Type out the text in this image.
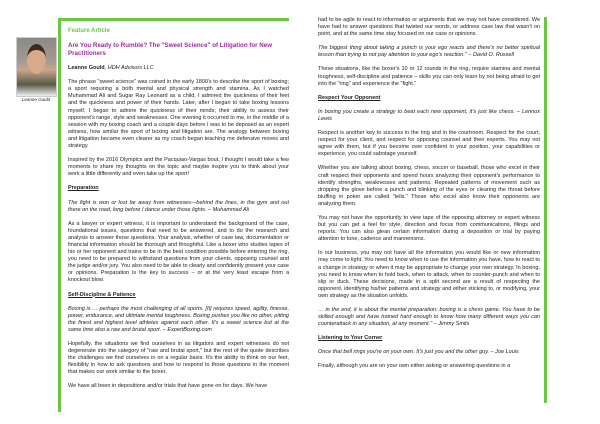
Leanne Gould
Feature Article
Are You Ready to Rumble? The "Sweet Science" of Litigation for New Practitioners

Leanne Gould, HDH Advisors LLC

The phrase "sweet science" was coined in the early 1800's to describe the sport of boxing; a sport requiring a both mental and physical strength and stamina. As I watched Muhammad Ali and Sugar Ray Leonard as a child, I admired the quickness of their feet and the quickness and power of their hands. Later, after I began to take boxing lessons myself, I began to admire the quickness of their minds; their ability to assess their opponent's range, style and weaknesses. One evening it occurred to me, in the middle of a session with my boxing coach and a couple days before I was to be deposed as an expert witness, how similar the sport of boxing and litigation are. The analogy between boxing and litigation became even clearer as my coach began teaching me defensive moves and strategy.

Inspired by the 2016 Olympics and the Pacquiao-Vargas bout, I thought I would take a few moments to share my thoughts on the topic and maybe inspire you to think about your work a little differently and even take up the sport!

Preparation

The fight is won or lost far away from witnesses—behind the lines, in the gym and out there on the road, long before I dance under those lights. – Muhammad Ali

As a lawyer or expert witness, it is important to understand the background of the case, foundational issues, questions that need to be answered, and to do the research and analysis to answer those questions. Your analysis, whether of case law, documentation or financial information should be thorough and thoughtful. Like a boxer who studies tapes of his or her opponent and trains to be in the best condition possible before entering the ring, you need to be prepared to withstand questions from your clients, opposing counsel and the judge and/or jury. You also need to be able to clearly and confidently present your case or opinions. Preparation is the key to success – or at the very least escape from a knockout blow.

Self-Discipline & Patience

Boxing is … perhaps the most challenging of all sports. [It] requires speed, agility, finesse, power, endurance, and ultimate mental toughness. Boxing pushes you like no other, pitting the finest and highest level athletes against each other. It's a sweet science but at the same time also a raw and brutal sport. – ExpertBoxing.com

Hopefully, the situations we find ourselves in as litigators and expert witnesses do not degenerate into the category of "raw and brutal sport," but the rest of the quote describes the challenges we find ourselves in on a regular basis. It's the ability to think on our feet, flexibility in how to ask questions and how to respond to those questions in the moment that makes our work similar to the boxer.

We have all been in depositions and/or trials that have gone on for days. We have

had to be agile to react to information or arguments that we may not have considered. We have had to answer questions that twisted our words, or address case law that wasn't on point, and at the same time stay focused on our case or opinions.

The biggest thing about taking a punch is your ego reacts and there's no better spiritual lesson than trying to not pay attention to your ego's reaction." – David O. Russell

These situations, like the boxer's 10 or 12 rounds in the ring, require stamina and mental toughness, self-discipline and patience – skills you can only learn by not being afraid to get into the "ring" and experience the "fight."

Respect Your Opponent

In boxing you create a strategy to beat each new opponent, it's just like chess. – Lennox Lewis

Respect is another key to success in the ring and in the courtroom. Respect for the court, respect for your client, and respect for opposing counsel and their experts. You may not agree with them, but if you become over confident in your position, your capabilities or experience, you could sabotage yourself.

Whether you are talking about boxing, chess, soccer or baseball, those who excel in their craft respect their opponents and spend hours analyzing their opponent's performance to identify strengths, weaknesses and patterns. Repeated patterns of movement such as dropping the glove before a punch and blinking of the eyes or clearing the throat before bluffing in poker are called "tells." Those who excel also know their opponents are analyzing them.

You may not have the opportunity to view tape of the opposing attorney or expert witness but you can get a feel for style, direction and focus from communications, filings and reports. You can also glean certain information during a deposition or trial by paying attention to tone, cadence and mannerisms.

In our business, you may not have all the information you would like or new information may come to light. You need to know when to use the information you have, how to react to a change in strategy or when it may be appropriate to change your own strategy. In boxing, you need to know when to hold back, when to attack, when to counter-punch and when to slip or duck. These decisions, made in a split second are a result of respecting the opponent, identifying his/her patterns and strategy and either sticking to, or modifying, your own strategy as the situation unfolds.

… in the end, it is about the mental preparation: boxing is a chess game. You have to be skilled enough and have trained hard enough to know how many different ways you can counterattack in any situation, at any moment." – Jimmy Smits

Listening to Your Corner

Once that bell rings you're on your own. It's just you and the other guy. – Joe Louis

Finally, although you are on your own either asking or answering questions in a
